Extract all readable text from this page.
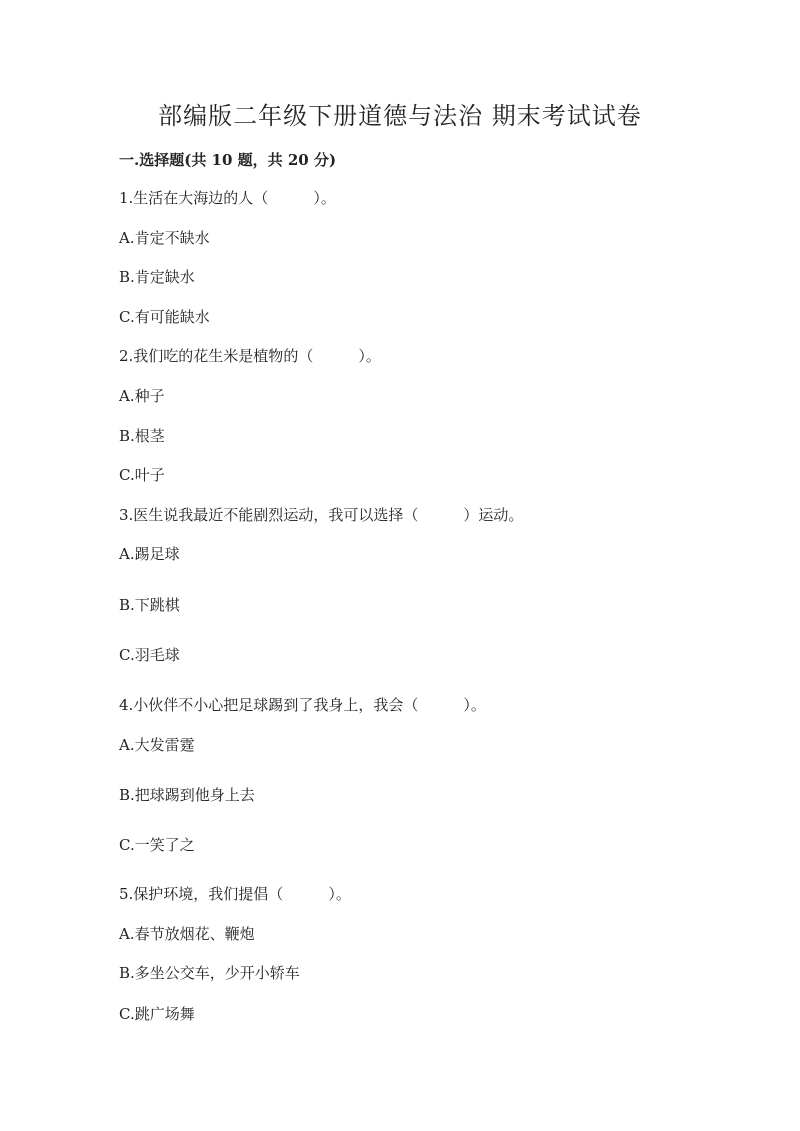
部编版二年级下册道德与法治 期末考试试卷
一.选择题(共 10 题，共 20 分)
1.生活在大海边的人（　　　）。
A.肯定不缺水
B.肯定缺水
C.有可能缺水
2.我们吃的花生米是植物的（　　　）。
A.种子
B.根茎
C.叶子
3.医生说我最近不能剧烈运动，我可以选择（　　　）运动。
A.踢足球
B.下跳棋
C.羽毛球
4.小伙伴不小心把足球踢到了我身上，我会（　　　）。
A.大发雷霆
B.把球踢到他身上去
C.一笑了之
5.保护环境，我们提倡（　　　）。
A.春节放烟花、鞭炮
B.多坐公交车，少开小轿车
C.跳广场舞
